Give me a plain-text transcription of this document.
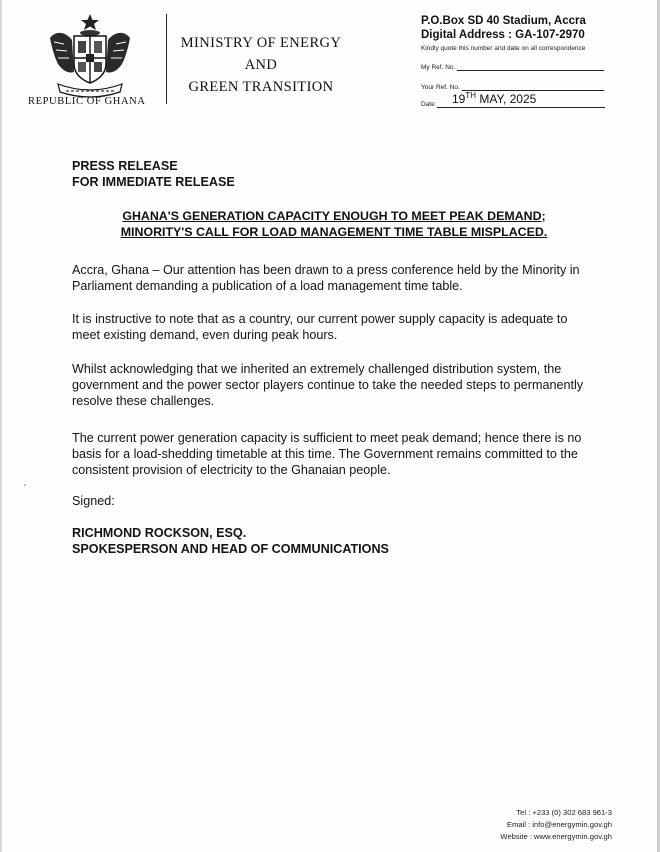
REPUBLIC OF GHANA
MINISTRY OF ENERGY
AND
GREEN TRANSITION
P.O.Box SD 40 Stadium, Accra
Digital Address : GA-107-2970
Kindly quote this number and date on all correspondence
My Ref. No.
Your Ref. No.
Date 19TH MAY, 2025
PRESS RELEASE
FOR IMMEDIATE RELEASE
GHANA'S GENERATION CAPACITY ENOUGH TO MEET PEAK DEMAND;
MINORITY'S CALL FOR LOAD MANAGEMENT TIME TABLE MISPLACED.
Accra, Ghana – Our attention has been drawn to a press conference held by the Minority in Parliament demanding a publication of a load management time table.
It is instructive to note that as a country, our current power supply capacity is adequate to meet existing demand, even during peak hours.
Whilst acknowledging that we inherited an extremely challenged distribution system, the government and the power sector players continue to take the needed steps to permanently resolve these challenges.
The current power generation capacity is sufficient to meet peak demand; hence there is no basis for a load-shedding timetable at this time. The Government remains committed to the consistent provision of electricity to the Ghanaian people.
Signed:
RICHMOND ROCKSON, ESQ.
SPOKESPERSON AND HEAD OF COMMUNICATIONS
Tel : +233 (0) 302 683 961-3
Email : info@energymin.gov.gh
Website : www.energymin.gov.gh
